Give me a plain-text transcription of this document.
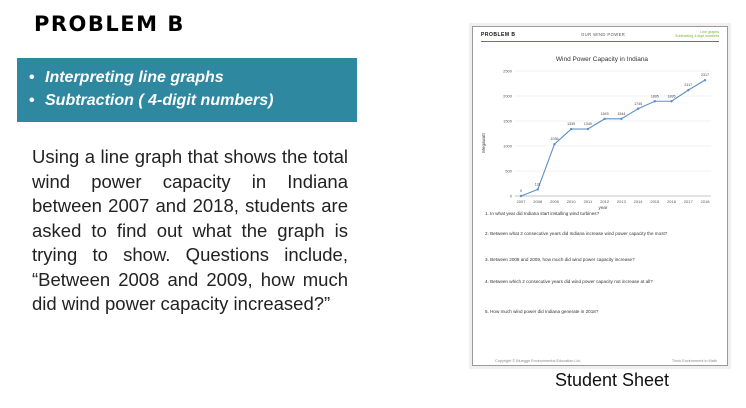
PROBLEM B
• Interpreting line graphs
• Subtraction ( 4-digit numbers)
Using a line graph that shows the total wind power capacity in Indiana between 2007 and 2018, students are asked to find out what the graph is trying to show. Questions include, “Between 2008 and 2009, how much did wind power capacity increased?”
PROBLEM B	OUR WIND POWER	Line graphs
Subtracting 4-digit numbers
Wind Power Capacity in Indiana
Megawatt
year
0
500
1000
1500
2000
2500
2007 2008 2009 2010 2011 2012 2013 2014 2015 2016 2017 2018
0
131
1036
1339 1340
1543 1544
1745
1895 1895
2117
2317

1. In what year did Indiana start installing wind turbines?

2. Between what 2 consecutive years did Indiana increase wind power capacity the most?

3. Between 2008 and 2009, how much did wind power capacity increase?

4. Between which 2 consecutive years did wind power capacity not increase at all?

5. How much wind power did Indiana generate in 2018?

Copyright © Bluegge Environmental Education Ltd.	Think Environment in Math
Student Sheet
